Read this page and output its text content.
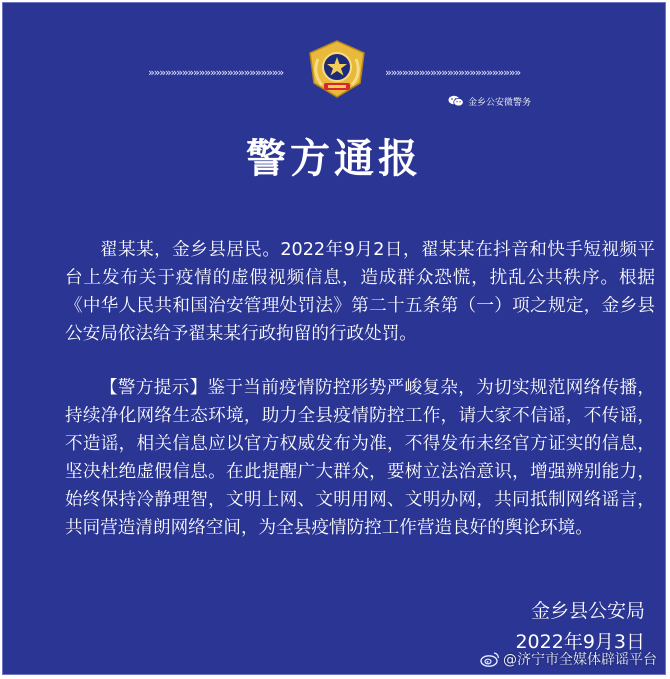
»»»»»»»»»»»»»»»»»»»»»»»»	»»»»»»»»»»»»»»»»»»»»»»»»
金乡公安微警务
警方通报

翟某某，金乡县居民。2022年9月2日，翟某某在抖音和快手短视频平台上发布关于疫情的虚假视频信息，造成群众恐慌，扰乱公共秩序。根据《中华人民共和国治安管理处罚法》第二十五条第（一）项之规定，金乡县公安局依法给予翟某某行政拘留的行政处罚。

【警方提示】鉴于当前疫情防控形势严峻复杂，为切实规范网络传播，持续净化网络生态环境，助力全县疫情防控工作，请大家不信谣，不传谣，不造谣，相关信息应以官方权威发布为准，不得发布未经官方证实的信息，坚决杜绝虚假信息。在此提醒广大群众，要树立法治意识，增强辨别能力，始终保持冷静理智，文明上网、文明用网、文明办网，共同抵制网络谣言，共同营造清朗网络空间，为全县疫情防控工作营造良好的舆论环境。

金乡县公安局
2022年9月3日
@济宁市全媒体辟谣平台
